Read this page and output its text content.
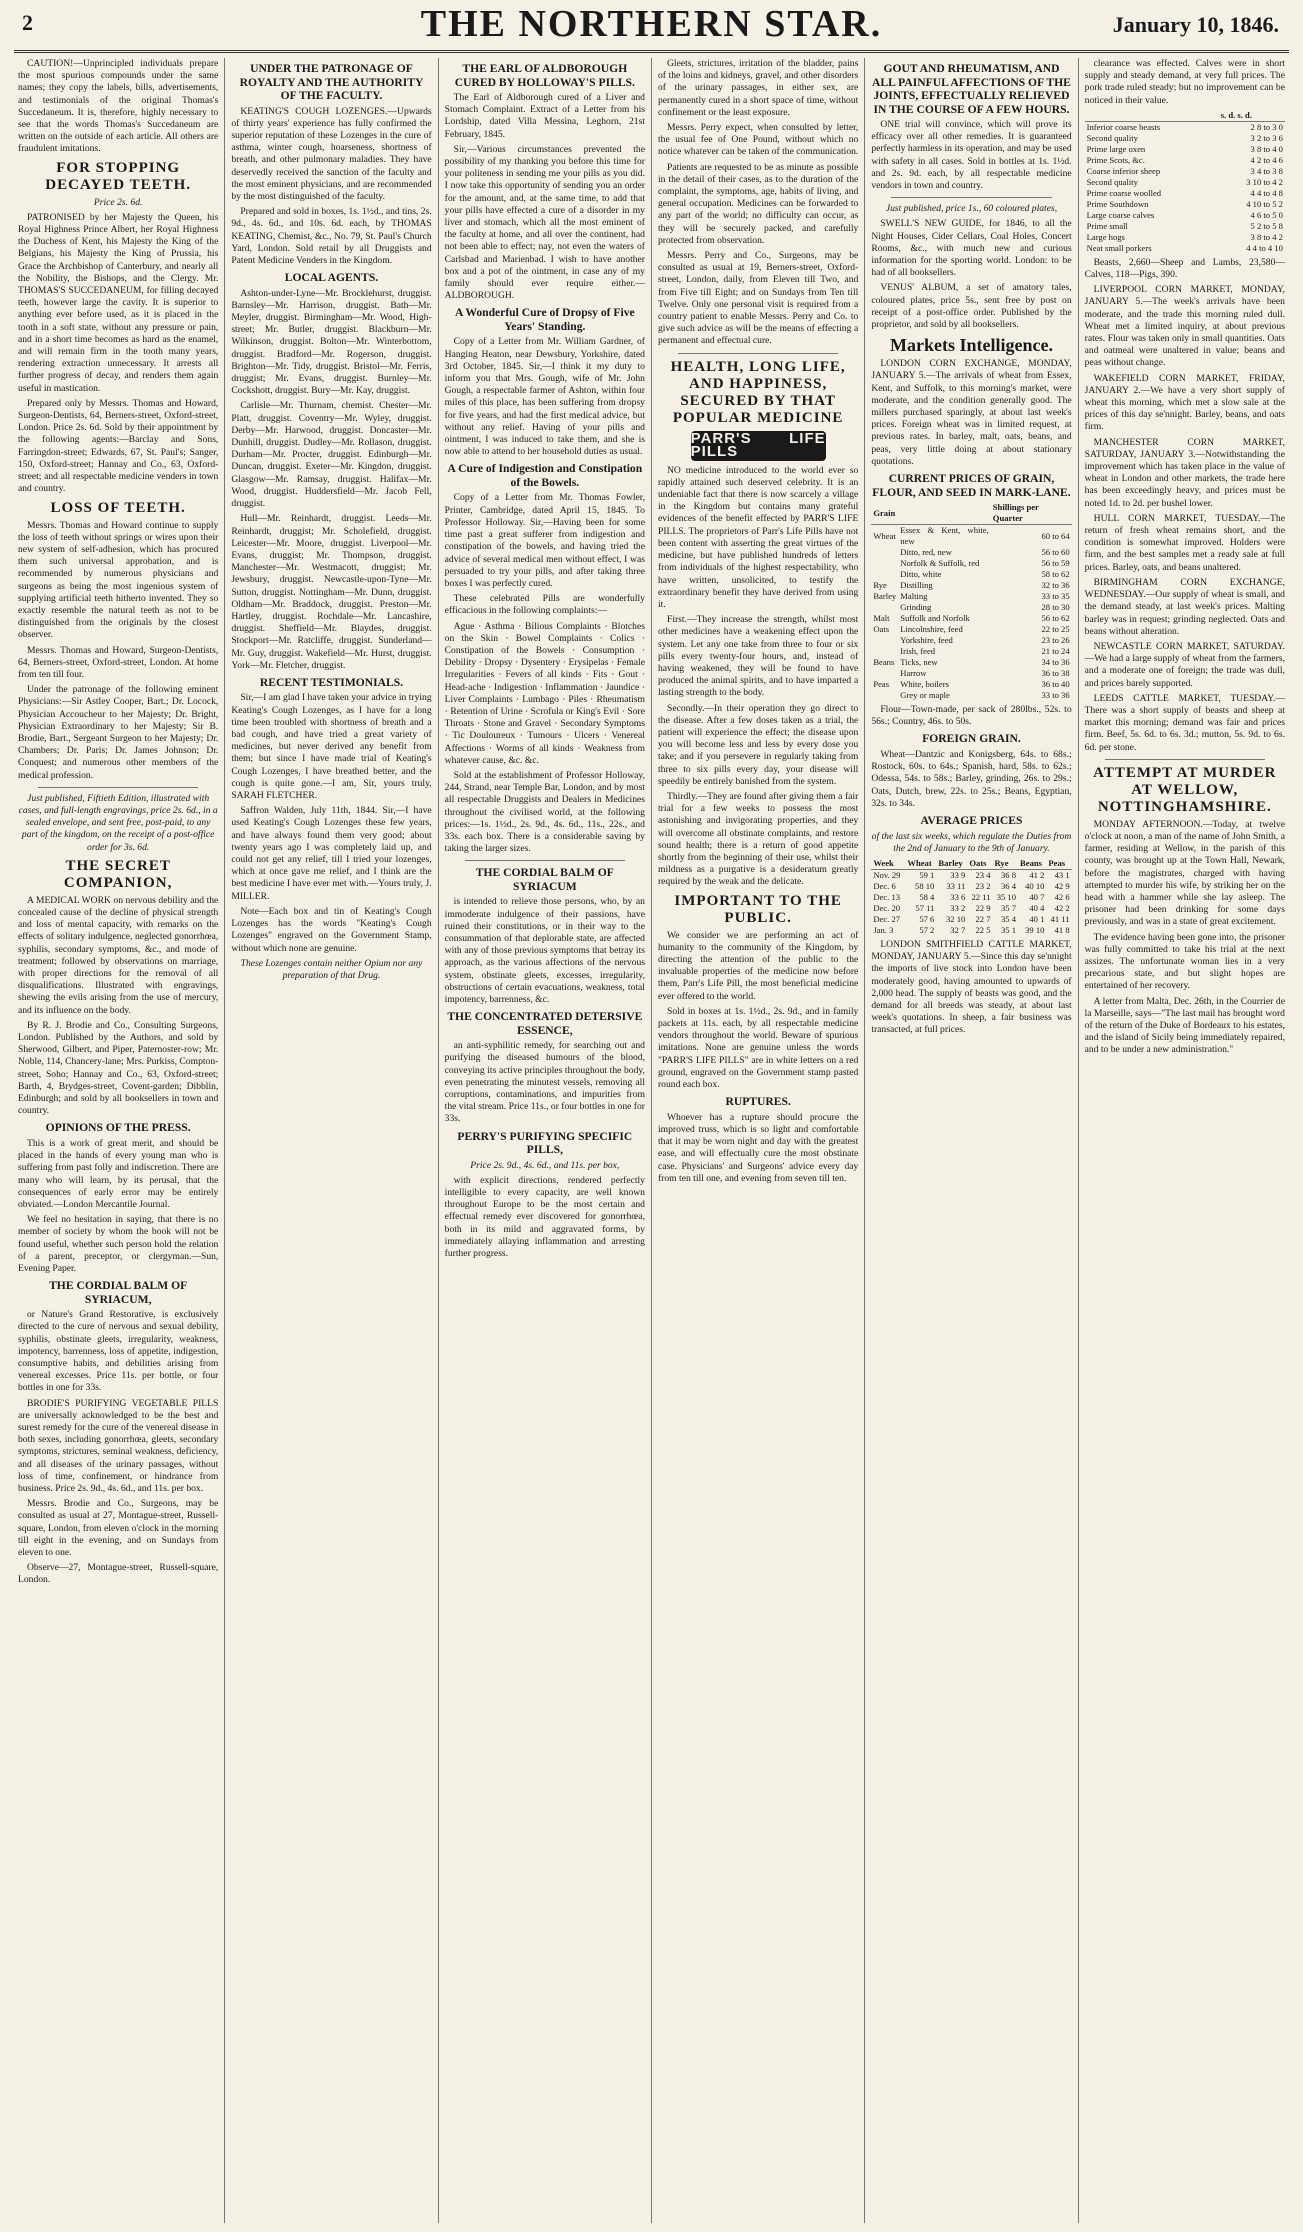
2	THE NORTHERN STAR.	January 10, 1846.
CAUTION!—Unprincipled individuals prepare the most spurious compounds under the same names; they copy the labels, bills, advertisements, and testimonials of the original Thomas's Succedaneum. It is, therefore, highly necessary to see that the words Thomas's Succedaneum are written on the outside of each article. All others are fraudulent imitations.
FOR STOPPING DECAYED TEETH.
Price 2s. 6d.
PATRONISED by her Majesty the Queen, his Royal Highness Prince Albert, her Royal Highness the Duchess of Kent, his Majesty the King of the Belgians, his Majesty the King of Prussia, his Grace the Archbishop of Canterbury, and nearly all the Nobility, the Bishops, and the Clergy. Mr. THOMAS'S SUCCEDANEUM, for filling decayed teeth, however large the cavity. It is superior to anything ever before used, as it is placed in the tooth in a soft state, without any pressure or pain, and in a short time becomes as hard as the enamel, and will remain firm in the tooth many years, rendering extraction unnecessary. It arrests all further progress of decay, and renders them again useful in mastication.
Prepared only by Messrs. Thomas and Howard, Surgeon-Dentists, 64, Berners-street, Oxford-street, London. Price 2s. 6d. Sold by their appointment by the following agents:—Barclay and Sons, Farringdon-street; Edwards, 67, St. Paul's; Sanger, 150, Oxford-street; Hannay and Co., 63, Oxford-street; and all respectable medicine venders in town and country.
LOSS OF TEETH.
Messrs. Thomas and Howard continue to supply the loss of teeth without springs or wires upon their new system of self-adhesion, which has procured them such universal approbation, and is recommended by numerous physicians and surgeons as being the most ingenious system of supplying artificial teeth hitherto invented. They so exactly resemble the natural teeth as not to be distinguished from the originals by the closest observer.
Messrs. Thomas and Howard, Surgeon-Dentists, 64, Berners-street, Oxford-street, London. At home from ten till four.
Under the patronage of the following eminent Physicians:—Sir Astley Cooper, Bart.; Dr. Locock, Physician Accoucheur to her Majesty; Dr. Bright, Physician Extraordinary to her Majesty; Sir B. Brodie, Bart., Sergeant Surgeon to her Majesty; Dr. Chambers; Dr. Paris; Dr. James Johnson; Dr. Conquest; and numerous other members of the medical profession.
Just published, Fiftieth Edition, illustrated with cases, and full-length engravings, price 2s. 6d., in a sealed envelope, and sent free, post-paid, to any part of the kingdom, on the receipt of a post-office order for 3s. 6d.
THE SECRET COMPANION,
A MEDICAL WORK on nervous debility and the concealed cause of the decline of physical strength and loss of mental capacity, with remarks on the effects of solitary indulgence, neglected gonorrhœa, syphilis, secondary symptoms, &c., and mode of treatment; followed by observations on marriage, with proper directions for the removal of all disqualifications. Illustrated with engravings, shewing the evils arising from the use of mercury, and its influence on the body.
By R. J. Brodie and Co., Consulting Surgeons, London. Published by the Authors, and sold by Sherwood, Gilbert, and Piper, Paternoster-row; Mr. Noble, 114, Chancery-lane; Mrs. Purkiss, Compton-street, Soho; Hannay and Co., 63, Oxford-street; Barth, 4, Brydges-street, Covent-garden; Dibblin, Edinburgh; and sold by all booksellers in town and country.
OPINIONS OF THE PRESS.
This is a work of great merit, and should be placed in the hands of every young man who is suffering from past folly and indiscretion. There are many who will learn, by its perusal, that the consequences of early error may be entirely obviated.—London Mercantile Journal.
We feel no hesitation in saying, that there is no member of society by whom the book will not be found useful, whether such person hold the relation of a parent, preceptor, or clergyman.—Sun, Evening Paper.
THE CORDIAL BALM OF SYRIACUM,
or Nature's Grand Restorative, is exclusively directed to the cure of nervous and sexual debility, syphilis, obstinate gleets, irregularity, weakness, impotency, barrenness, loss of appetite, indigestion, consumptive habits, and debilities arising from venereal excesses. Price 11s. per bottle, or four bottles in one for 33s.
BRODIE'S PURIFYING VEGETABLE PILLS are universally acknowledged to be the best and surest remedy for the cure of the venereal disease in both sexes, including gonorrhœa, gleets, secondary symptoms, strictures, seminal weakness, deficiency, and all diseases of the urinary passages, without loss of time, confinement, or hindrance from business. Price 2s. 9d., 4s. 6d., and 11s. per box.
Messrs. Brodie and Co., Surgeons, may be consulted as usual at 27, Montague-street, Russell-square, London, from eleven o'clock in the morning till eight in the evening, and on Sundays from eleven to one.
Observe—27, Montague-street, Russell-square, London.
UNDER THE PATRONAGE OF ROYALTY AND THE AUTHORITY OF THE FACULTY.
KEATING'S COUGH LOZENGES.—Upwards of thirty years' experience has fully confirmed the superior reputation of these Lozenges in the cure of asthma, winter cough, hoarseness, shortness of breath, and other pulmonary maladies. They have deservedly received the sanction of the faculty and the most eminent physicians, and are recommended by the most distinguished of the faculty.
Prepared and sold in boxes, 1s. 1½d., and tins, 2s. 9d., 4s. 6d., and 10s. 6d. each, by THOMAS KEATING, Chemist, &c., No. 79, St. Paul's Church Yard, London. Sold retail by all Druggists and Patent Medicine Venders in the Kingdom.
LOCAL AGENTS.
Ashton-under-Lyne—Mr. Brocklehurst, druggist. Barnsley—Mr. Harrison, druggist. Bath—Mr. Meyler, druggist. Birmingham—Mr. Wood, High-street; Mr. Butler, druggist. Blackburn—Mr. Wilkinson, druggist. Bolton—Mr. Winterbottom, druggist. Bradford—Mr. Rogerson, druggist. Brighton—Mr. Tidy, druggist. Bristol—Mr. Ferris, druggist; Mr. Evans, druggist. Burnley—Mr. Cockshott, druggist. Bury—Mr. Kay, druggist.
Carlisle—Mr. Thurnam, chemist. Chester—Mr. Platt, druggist. Coventry—Mr. Wyley, druggist. Derby—Mr. Harwood, druggist. Doncaster—Mr. Dunhill, druggist. Dudley—Mr. Rollason, druggist. Durham—Mr. Procter, druggist. Edinburgh—Mr. Duncan, druggist. Exeter—Mr. Kingdon, druggist. Glasgow—Mr. Ramsay, druggist. Halifax—Mr. Wood, druggist. Huddersfield—Mr. Jacob Fell, druggist.
Hull—Mr. Reinhardt, druggist. Leeds—Mr. Reinhardt, druggist; Mr. Scholefield, druggist. Leicester—Mr. Moore, druggist. Liverpool—Mr. Evans, druggist; Mr. Thompson, druggist. Manchester—Mr. Westmacott, druggist; Mr. Jewsbury, druggist. Newcastle-upon-Tyne—Mr. Sutton, druggist. Nottingham—Mr. Dunn, druggist. Oldham—Mr. Braddock, druggist. Preston—Mr. Hartley, druggist. Rochdale—Mr. Lancashire, druggist. Sheffield—Mr. Blaydes, druggist. Stockport—Mr. Ratcliffe, druggist. Sunderland—Mr. Guy, druggist. Wakefield—Mr. Hurst, druggist. York—Mr. Fletcher, druggist.
RECENT TESTIMONIALS.
Sir,—I am glad I have taken your advice in trying Keating's Cough Lozenges, as I have for a long time been troubled with shortness of breath and a bad cough, and have tried a great variety of medicines, but never derived any benefit from them; but since I have made trial of Keating's Cough Lozenges, I have breathed better, and the cough is quite gone.—I am, Sir, yours truly, SARAH FLETCHER.
Saffron Walden, July 11th, 1844. Sir,—I have used Keating's Cough Lozenges these few years, and have always found them very good; about twenty years ago I was completely laid up, and could not get any relief, till I tried your lozenges, which at once gave me relief, and I think are the best medicine I have ever met with.—Yours truly, J. MILLER.
Note—Each box and tin of Keating's Cough Lozenges has the words "Keating's Cough Lozenges" engraved on the Government Stamp, without which none are genuine.
These Lozenges contain neither Opium nor any preparation of that Drug.
THE EARL OF ALDBOROUGH CURED BY HOLLOWAY'S PILLS.
The Earl of Aldborough cured of a Liver and Stomach Complaint. Extract of a Letter from his Lordship, dated Villa Messina, Leghorn, 21st February, 1845.
Sir,—Various circumstances prevented the possibility of my thanking you before this time for your politeness in sending me your pills as you did. I now take this opportunity of sending you an order for the amount, and, at the same time, to add that your pills have effected a cure of a disorder in my liver and stomach, which all the most eminent of the faculty at home, and all over the continent, had not been able to effect; nay, not even the waters of Carlsbad and Marienbad. I wish to have another box and a pot of the ointment, in case any of my family should ever require either.—ALDBOROUGH.
A Wonderful Cure of Dropsy of Five Years' Standing.
Copy of a Letter from Mr. William Gardner, of Hanging Heaton, near Dewsbury, Yorkshire, dated 3rd October, 1845. Sir,—I think it my duty to inform you that Mrs. Gough, wife of Mr. John Gough, a respectable farmer of Ashton, within four miles of this place, has been suffering from dropsy for five years, and had the first medical advice, but without any relief. Having of your pills and ointment, I was induced to take them, and she is now able to attend to her household duties as usual.
A Cure of Indigestion and Constipation of the Bowels.
Copy of a Letter from Mr. Thomas Fowler, Printer, Cambridge, dated April 15, 1845. To Professor Holloway. Sir,—Having been for some time past a great sufferer from indigestion and constipation of the bowels, and having tried the advice of several medical men without effect, I was persuaded to try your pills, and after taking three boxes I was perfectly cured.
These celebrated Pills are wonderfully efficacious in the following complaints:—
Ague · Asthma · Bilious Complaints · Blotches on the Skin · Bowel Complaints · Colics · Constipation of the Bowels · Consumption · Debility · Dropsy · Dysentery · Erysipelas · Female Irregularities · Fevers of all kinds · Fits · Gout · Head-ache · Indigestion · Inflammation · Jaundice · Liver Complaints · Lumbago · Piles · Rheumatism · Retention of Urine · Scrofula or King's Evil · Sore Throats · Stone and Gravel · Secondary Symptoms · Tic Douloureux · Tumours · Ulcers · Venereal Affections · Worms of all kinds · Weakness from whatever cause, &c. &c.
Sold at the establishment of Professor Holloway, 244, Strand, near Temple Bar, London, and by most all respectable Druggists and Dealers in Medicines throughout the civilised world, at the following prices:—1s. 1½d., 2s. 9d., 4s. 6d., 11s., 22s., and 33s. each box. There is a considerable saving by taking the larger sizes.
THE CORDIAL BALM OF SYRIACUM
is intended to relieve those persons, who, by an immoderate indulgence of their passions, have ruined their constitutions, or in their way to the consummation of that deplorable state, are affected with any of those previous symptoms that betray its approach, as the various affections of the nervous system, obstinate gleets, excesses, irregularity, obstructions of certain evacuations, weakness, total impotency, barrenness, &c.
THE CONCENTRATED DETERSIVE ESSENCE,
an anti-syphilitic remedy, for searching out and purifying the diseased humours of the blood, conveying its active principles throughout the body, even penetrating the minutest vessels, removing all corruptions, contaminations, and impurities from the vital stream. Price 11s., or four bottles in one for 33s.
PERRY'S PURIFYING SPECIFIC PILLS,
Price 2s. 9d., 4s. 6d., and 11s. per box,
with explicit directions, rendered perfectly intelligible to every capacity, are well known throughout Europe to be the most certain and effectual remedy ever discovered for gonorrhœa, both in its mild and aggravated forms, by immediately allaying inflammation and arresting further progress.
Gleets, strictures, irritation of the bladder, pains of the loins and kidneys, gravel, and other disorders of the urinary passages, in either sex, are permanently cured in a short space of time, without confinement or the least exposure.
Messrs. Perry expect, when consulted by letter, the usual fee of One Pound, without which no notice whatever can be taken of the communication.
Patients are requested to be as minute as possible in the detail of their cases, as to the duration of the complaint, the symptoms, age, habits of living, and general occupation. Medicines can be forwarded to any part of the world; no difficulty can occur, as they will be securely packed, and carefully protected from observation.
Messrs. Perry and Co., Surgeons, may be consulted as usual at 19, Berners-street, Oxford-street, London, daily, from Eleven till Two, and from Five till Eight; and on Sundays from Ten till Twelve. Only one personal visit is required from a country patient to enable Messrs. Perry and Co. to give such advice as will be the means of effecting a permanent and effectual cure.
HEALTH, LONG LIFE, AND HAPPINESS, SECURED BY THAT POPULAR MEDICINE
PARR'S LIFE PILLS
NO medicine introduced to the world ever so rapidly attained such deserved celebrity. It is an undeniable fact that there is now scarcely a village in the Kingdom but contains many grateful evidences of the benefit effected by PARR'S LIFE PILLS. The proprietors of Parr's Life Pills have not been content with asserting the great virtues of the medicine, but have published hundreds of letters from individuals of the highest respectability, who have written, unsolicited, to testify the extraordinary benefit they have derived from using it.
First.—They increase the strength, whilst most other medicines have a weakening effect upon the system. Let any one take from three to four or six pills every twenty-four hours, and, instead of having weakened, they will be found to have produced the animal spirits, and to have imparted a lasting strength to the body.
Secondly.—In their operation they go direct to the disease. After a few doses taken as a trial, the patient will experience the effect; the disease upon you will become less and less by every dose you take; and if you persevere in regularly taking from three to six pills every day, your disease will speedily be entirely banished from the system.
Thirdly.—They are found after giving them a fair trial for a few weeks to possess the most astonishing and invigorating properties, and they will overcome all obstinate complaints, and restore sound health; there is a return of good appetite shortly from the beginning of their use, whilst their mildness as a purgative is a desideratum greatly required by the weak and the delicate.
IMPORTANT TO THE PUBLIC.
We consider we are performing an act of humanity to the community of the Kingdom, by directing the attention of the public to the invaluable properties of the medicine now before them, Parr's Life Pill, the most beneficial medicine ever offered to the world.
Sold in boxes at 1s. 1½d., 2s. 9d., and in family packets at 11s. each, by all respectable medicine vendors throughout the world. Beware of spurious imitations. None are genuine unless the words "PARR'S LIFE PILLS" are in white letters on a red ground, engraved on the Government stamp pasted round each box.
RUPTURES.
Whoever has a rupture should procure the improved truss, which is so light and comfortable that it may be worn night and day with the greatest ease, and will effectually cure the most obstinate case. Physicians' and Surgeons' advice every day from ten till one, and evening from seven till ten.
GOUT AND RHEUMATISM, AND ALL PAINFUL AFFECTIONS OF THE JOINTS, EFFECTUALLY RELIEVED IN THE COURSE OF A FEW HOURS.
ONE trial will convince, which will prove its efficacy over all other remedies. It is guaranteed perfectly harmless in its operation, and may be used with safety in all cases. Sold in bottles at 1s. 1½d. and 2s. 9d. each, by all respectable medicine vendors in town and country.
Just published, price 1s., 60 coloured plates,
SWELL'S NEW GUIDE, for 1846, to all the Night Houses, Cider Cellars, Coal Holes, Concert Rooms, &c., with much new and curious information for the sporting world. London: to be had of all booksellers.
VENUS' ALBUM, a set of amatory tales, coloured plates, price 5s., sent free by post on receipt of a post-office order. Published by the proprietor, and sold by all booksellers.
Markets Intelligence.
LONDON CORN EXCHANGE, MONDAY, JANUARY 5.—The arrivals of wheat from Essex, Kent, and Suffolk, to this morning's market, were moderate, and the condition generally good. The millers purchased sparingly, at about last week's prices. Foreign wheat was in limited request, at previous rates. In barley, malt, oats, beans, and peas, very little doing at about stationary quotations.
CURRENT PRICES OF GRAIN, FLOUR, AND SEED IN MARK-LANE.
Grain		Shillings per Quarter
Wheat	Essex & Kent, white, new	60 to 64
	Ditto, red, new	56 to 60
	Norfolk & Suffolk, red	56 to 59
	Ditto, white	58 to 62
Rye	Distilling	32 to 36
Barley	Malting	33 to 35
	Grinding	28 to 30
Malt	Suffolk and Norfolk	56 to 62
Oats	Lincolnshire, feed	22 to 25
	Yorkshire, feed	23 to 26
	Irish, feed	21 to 24
Beans	Ticks, new	34 to 36
	Harrow	36 to 38
Peas	White, boilers	36 to 40
	Grey or maple	33 to 36
Flour—Town-made, per sack of 280lbs., 52s. to 56s.; Country, 46s. to 50s.
FOREIGN GRAIN.
Wheat—Dantzic and Konigsberg, 64s. to 68s.; Rostock, 60s. to 64s.; Spanish, hard, 58s. to 62s.; Odessa, 54s. to 58s.; Barley, grinding, 26s. to 29s.; Oats, Dutch, brew, 22s. to 25s.; Beans, Egyptian, 32s. to 34s.
AVERAGE PRICES
of the last six weeks, which regulate the Duties from the 2nd of January to the 9th of January.
Week	Wheat	Barley	Oats	Rye	Beans	Peas
Nov. 29	59 1	33 9	23 4	36 8	41 2	43 1
Dec. 6	58 10	33 11	23 2	36 4	40 10	42 9
Dec. 13	58 4	33 6	22 11	35 10	40 7	42 6
Dec. 20	57 11	33 2	22 9	35 7	40 4	42 2
Dec. 27	57 6	32 10	22 7	35 4	40 1	41 11
Jan. 3	57 2	32 7	22 5	35 1	39 10	41 8
LONDON SMITHFIELD CATTLE MARKET, MONDAY, JANUARY 5.—Since this day se'nnight the imports of live stock into London have been moderately good, having amounted to upwards of 2,000 head. The supply of beasts was good, and the demand for all breeds was steady, at about last week's quotations. In sheep, a fair business was transacted, at full prices.
clearance was effected. Calves were in short supply and steady demand, at very full prices. The pork trade ruled steady; but no improvement can be noticed in their value.
		s. d. s. d.
Inferior coarse beasts		2 8 to 3 0
Second quality		3 2 to 3 6
Prime large oxen		3 8 to 4 0
Prime Scots, &c.		4 2 to 4 6
Coarse inferior sheep		3 4 to 3 8
Second quality		3 10 to 4 2
Prime coarse woolled		4 4 to 4 8
Prime Southdown		4 10 to 5 2
Large coarse calves		4 6 to 5 0
Prime small		5 2 to 5 8
Large hogs		3 8 to 4 2
Neat small porkers		4 4 to 4 10
Beasts, 2,660—Sheep and Lambs, 23,580—Calves, 118—Pigs, 390.
LIVERPOOL CORN MARKET, MONDAY, JANUARY 5.—The week's arrivals have been moderate, and the trade this morning ruled dull. Wheat met a limited inquiry, at about previous rates. Flour was taken only in small quantities. Oats and oatmeal were unaltered in value; beans and peas without change.
WAKEFIELD CORN MARKET, FRIDAY, JANUARY 2.—We have a very short supply of wheat this morning, which met a slow sale at the prices of this day se'nnight. Barley, beans, and oats firm.
MANCHESTER CORN MARKET, SATURDAY, JANUARY 3.—Notwithstanding the improvement which has taken place in the value of wheat in London and other markets, the trade here has been exceedingly heavy, and prices must be noted 1d. to 2d. per bushel lower.
HULL CORN MARKET, TUESDAY.—The return of fresh wheat remains short, and the condition is somewhat improved. Holders were firm, and the best samples met a ready sale at full prices. Barley, oats, and beans unaltered.
BIRMINGHAM CORN EXCHANGE, WEDNESDAY.—Our supply of wheat is small, and the demand steady, at last week's prices. Malting barley was in request; grinding neglected. Oats and beans without alteration.
NEWCASTLE CORN MARKET, SATURDAY.—We had a large supply of wheat from the farmers, and a moderate one of foreign; the trade was dull, and prices barely supported.
LEEDS CATTLE MARKET, TUESDAY.—There was a short supply of beasts and sheep at market this morning; demand was fair and prices firm. Beef, 5s. 6d. to 6s. 3d.; mutton, 5s. 9d. to 6s. 6d. per stone.
ATTEMPT AT MURDER AT WELLOW, NOTTINGHAMSHIRE.
MONDAY AFTERNOON.—Today, at twelve o'clock at noon, a man of the name of John Smith, a farmer, residing at Wellow, in the parish of this county, was brought up at the Town Hall, Newark, before the magistrates, charged with having attempted to murder his wife, by striking her on the head with a hammer while she lay asleep. The prisoner had been drinking for some days previously, and was in a state of great excitement.
The evidence having been gone into, the prisoner was fully committed to take his trial at the next assizes. The unfortunate woman lies in a very precarious state, and but slight hopes are entertained of her recovery.
A letter from Malta, Dec. 26th, in the Courrier de la Marseille, says—"The last mail has brought word of the return of the Duke of Bordeaux to his estates, and the island of Sicily being immediately repaired, and to be under a new administration."
